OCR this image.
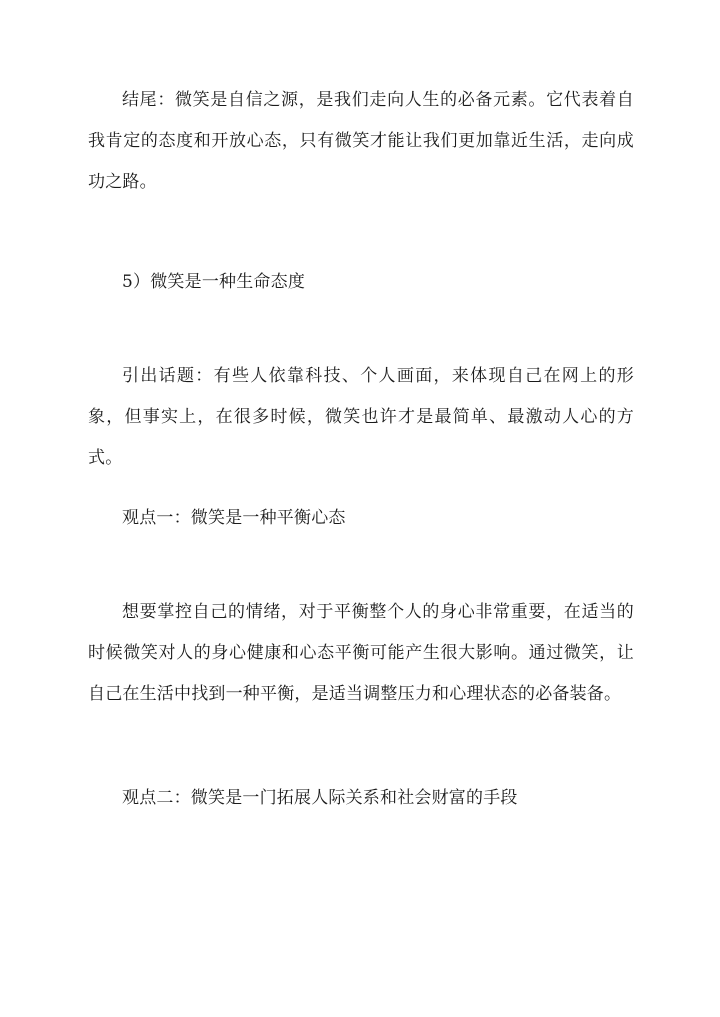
结尾：微笑是自信之源，是我们走向人生的必备元素。它代表着自我肯定的态度和开放心态，只有微笑才能让我们更加靠近生活，走向成功之路。

5）微笑是一种生命态度

引出话题：有些人依靠科技、个人画面，来体现自己在网上的形象，但事实上，在很多时候，微笑也许才是最简单、最激动人心的方式。

观点一：微笑是一种平衡心态

想要掌控自己的情绪，对于平衡整个人的身心非常重要，在适当的时候微笑对人的身心健康和心态平衡可能产生很大影响。通过微笑，让自己在生活中找到一种平衡，是适当调整压力和心理状态的必备装备。

观点二：微笑是一门拓展人际关系和社会财富的手段
